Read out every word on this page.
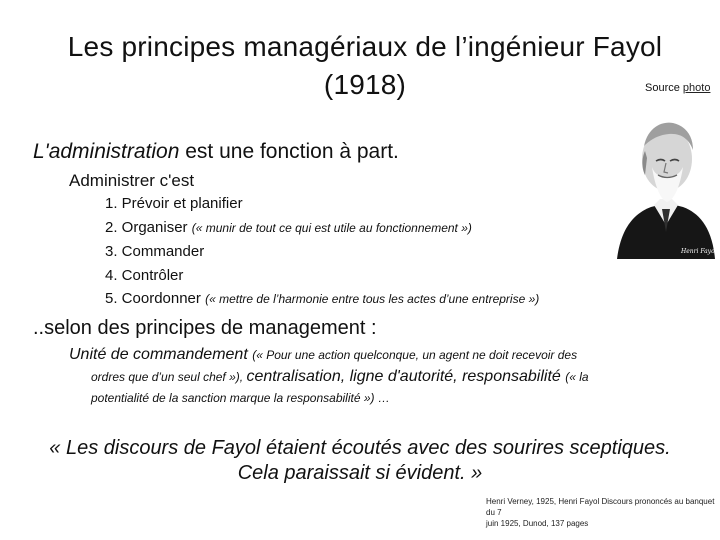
Les principes managériaux de l’ingénieur Fayol
(1918)	Source photo
Henri Fayol
L'administration est une fonction à part.
Administrer c'est
1. Prévoir et planifier
2. Organiser (« munir de tout ce qui est utile au fonctionnement »)
3. Commander
4. Contrôler
5. Coordonner (« mettre de l’harmonie entre tous les actes d’une entreprise »)
..selon des principes de management :
Unité de commandement (« Pour une action quelconque, un agent ne doit recevoir des
ordres que d’un seul chef »), centralisation, ligne d'autorité, responsabilité (« la
potentialité de la sanction marque la responsabilité ») …
« Les discours de Fayol étaient écoutés avec des sourires sceptiques.
Cela paraissait si évident. »
Henri Verney, 1925, Henri Fayol Discours prononcés au banquet du 7
juin 1925, Dunod, 137 pages
